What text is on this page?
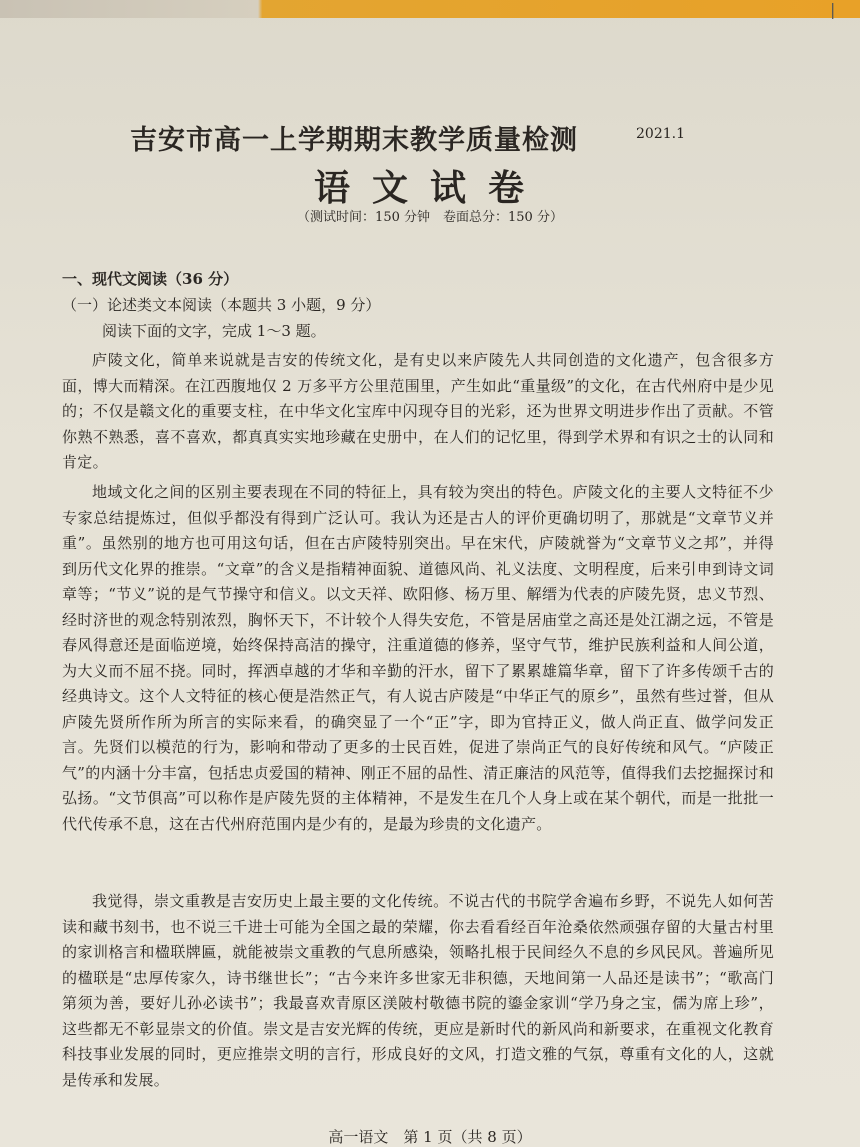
|
吉安市高一上学期期末教学质量检测	2021.1
语文试卷
（测试时间：150 分钟　卷面总分：150 分）
一、现代文阅读（36 分）
（一）论述类文本阅读（本题共 3 小题，9 分）
阅读下面的文字，完成 1～3 题。

庐陵文化，简单来说就是吉安的传统文化，是有史以来庐陵先人共同创造的文化遗产，包含很多方面，博大而精深。在江西腹地仅 2 万多平方公里范围里，产生如此“重量级”的文化，在古代州府中是少见的；不仅是赣文化的重要支柱，在中华文化宝库中闪现夺目的光彩，还为世界文明进步作出了贡献。不管你熟不熟悉，喜不喜欢，都真真实实地珍藏在史册中，在人们的记忆里，得到学术界和有识之士的认同和肯定。

地域文化之间的区别主要表现在不同的特征上，具有较为突出的特色。庐陵文化的主要人文特征不少专家总结提炼过，但似乎都没有得到广泛认可。我认为还是古人的评价更确切明了，那就是“文章节义并重”。虽然别的地方也可用这句话，但在古庐陵特别突出。早在宋代，庐陵就誉为“文章节义之邦”，并得到历代文化界的推崇。“文章”的含义是指精神面貌、道德风尚、礼义法度、文明程度，后来引申到诗文词章等；“节义”说的是气节操守和信义。以文天祥、欧阳修、杨万里、解缙为代表的庐陵先贤，忠义节烈、经时济世的观念特别浓烈，胸怀天下，不计较个人得失安危，不管是居庙堂之高还是处江湖之远，不管是春风得意还是面临逆境，始终保持高洁的操守，注重道德的修养，坚守气节，维护民族利益和人间公道，为大义而不屈不挠。同时，挥洒卓越的才华和辛勤的汗水，留下了累累雄篇华章，留下了许多传颂千古的经典诗文。这个人文特征的核心便是浩然正气，有人说古庐陵是“中华正气的原乡”，虽然有些过誉，但从庐陵先贤所作所为所言的实际来看，的确突显了一个“正”字，即为官持正义，做人尚正直、做学问发正言。先贤们以模范的行为，影响和带动了更多的士民百姓，促进了崇尚正气的良好传统和风气。“庐陵正气”的内涵十分丰富，包括忠贞爱国的精神、刚正不屈的品性、清正廉洁的风范等，值得我们去挖掘探讨和弘扬。“文节俱高”可以称作是庐陵先贤的主体精神，不是发生在几个人身上或在某个朝代，而是一批批一代代传承不息，这在古代州府范围内是少有的，是最为珍贵的文化遗产。

我觉得，崇文重教是吉安历史上最主要的文化传统。不说古代的书院学舍遍布乡野，不说先人如何苦读和藏书刻书，也不说三千进士可能为全国之最的荣耀，你去看看经百年沧桑依然顽强存留的大量古村里的家训格言和楹联牌匾，就能被崇文重教的气息所感染，领略扎根于民间经久不息的乡风民风。普遍所见的楹联是“忠厚传家久，诗书继世长”；“古今来许多世家无非积德，天地间第一人品还是读书”；“歌高门第须为善，要好儿孙必读书”；我最喜欢青原区渼陂村敬德书院的鎏金家训“学乃身之宝，儒为席上珍”，这些都无不彰显崇文的价值。崇文是吉安光辉的传统，更应是新时代的新风尚和新要求，在重视文化教育科技事业发展的同时，更应推崇文明的言行，形成良好的文风，打造文雅的气氛，尊重有文化的人，这就是传承和发展。

高一语文　第 1 页（共 8 页）
